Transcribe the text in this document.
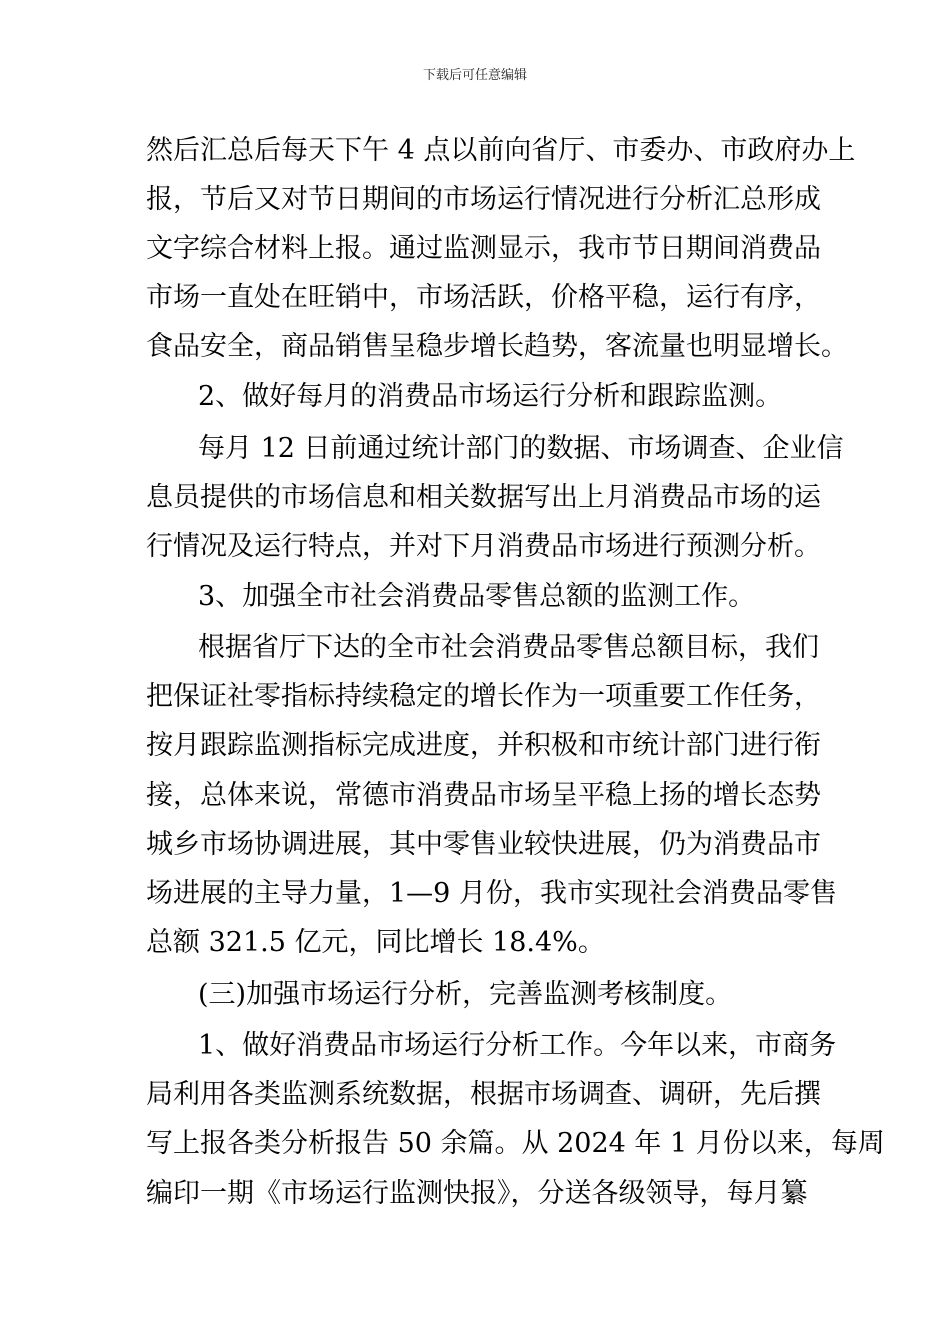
下载后可任意编辑
然后汇总后每天下午 4 点以前向省厅、市委办、市政府办上
报，节后又对节日期间的市场运行情况进行分析汇总形成
文字综合材料上报。通过监测显示，我市节日期间消费品
市场一直处在旺销中，市场活跃，价格平稳，运行有序，
食品安全，商品销售呈稳步增长趋势，客流量也明显增长。
2、做好每月的消费品市场运行分析和跟踪监测。
每月 12 日前通过统计部门的数据、市场调查、企业信
息员提供的市场信息和相关数据写出上月消费品市场的运
行情况及运行特点，并对下月消费品市场进行预测分析。
3、加强全市社会消费品零售总额的监测工作。
根据省厅下达的全市社会消费品零售总额目标，我们
把保证社零指标持续稳定的增长作为一项重要工作任务，
按月跟踪监测指标完成进度，并积极和市统计部门进行衔
接，总体来说，常德市消费品市场呈平稳上扬的增长态势
城乡市场协调进展，其中零售业较快进展，仍为消费品市
场进展的主导力量，1—9 月份，我市实现社会消费品零售
总额 321.5 亿元，同比增长 18.4%。
(三)加强市场运行分析，完善监测考核制度。
1、做好消费品市场运行分析工作。今年以来，市商务
局利用各类监测系统数据，根据市场调查、调研，先后撰
写上报各类分析报告 50 余篇。从 2024 年 1 月份以来，每周
编印一期《市场运行监测快报》，分送各级领导，每月纂
